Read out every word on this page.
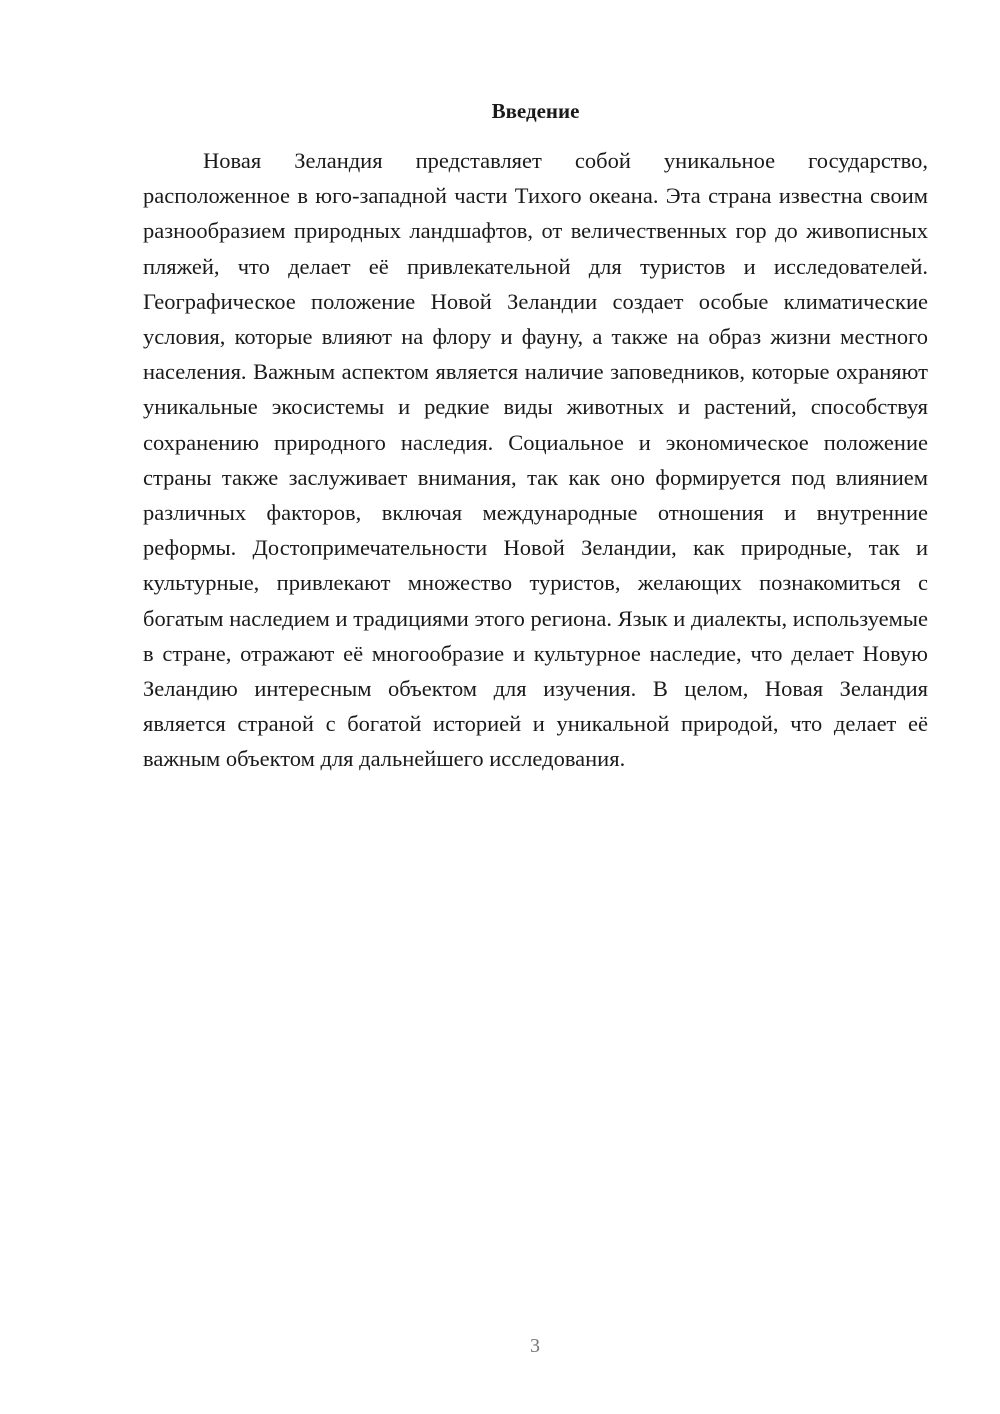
Введение

Новая Зеландия представляет собой уникальное государство, расположенное в юго-западной части Тихого океана. Эта страна известна своим разнообразием природных ландшафтов, от величественных гор до живописных пляжей, что делает её привлекательной для туристов и исследователей. Географическое положение Новой Зеландии создает особые климатические условия, которые влияют на флору и фауну, а также на образ жизни местного населения. Важным аспектом является наличие заповедников, которые охраняют уникальные экосистемы и редкие виды животных и растений, способствуя сохранению природного наследия. Социальное и экономическое положение страны также заслуживает внимания, так как оно формируется под влиянием различных факторов, включая международные отношения и внутренние реформы. Достопримечательности Новой Зеландии, как природные, так и культурные, привлекают множество туристов, желающих познакомиться с богатым наследием и традициями этого региона. Язык и диалекты, используемые в стране, отражают её многообразие и культурное наследие, что делает Новую Зеландию интересным объектом для изучения. В целом, Новая Зеландия является страной с богатой историей и уникальной природой, что делает её важным объектом для дальнейшего исследования.

3
